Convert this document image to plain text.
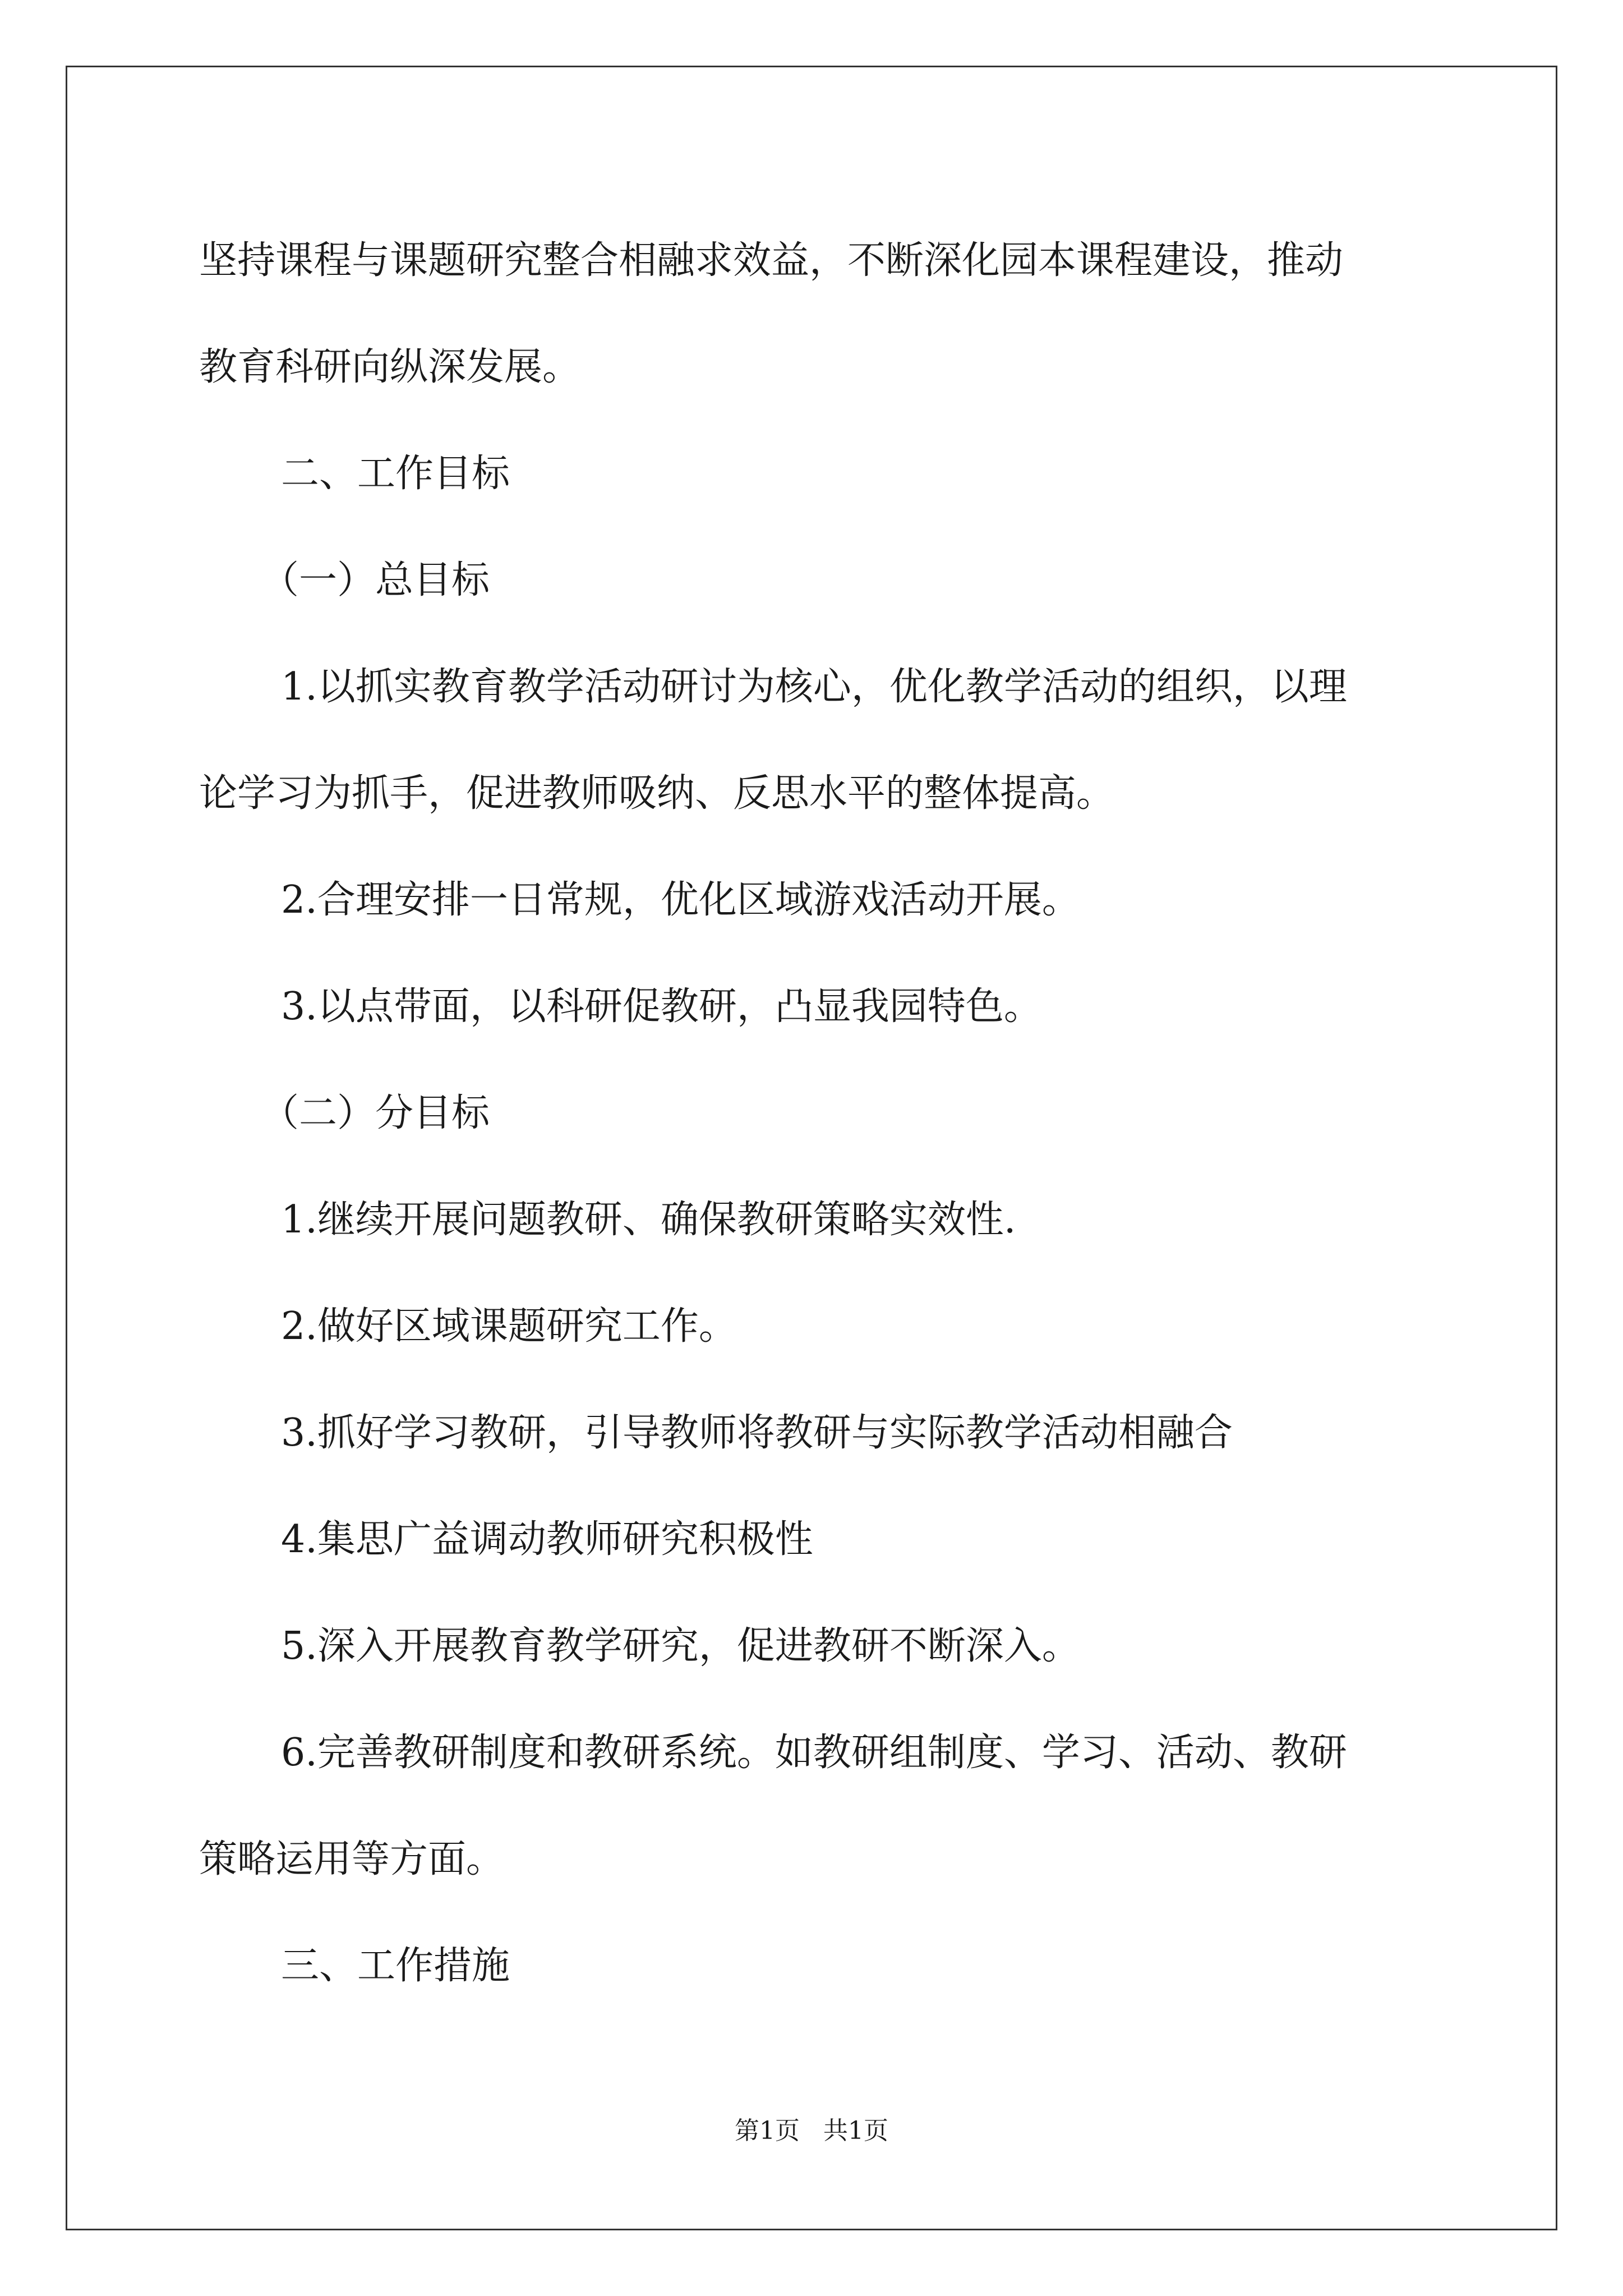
坚持课程与课题研究整合相融求效益，不断深化园本课程建设，推动

教育科研向纵深发展。

二、工作目标

（一）总目标

1.以抓实教育教学活动研讨为核心，优化教学活动的组织，以理

论学习为抓手，促进教师吸纳、反思水平的整体提高。

2.合理安排一日常规，优化区域游戏活动开展。

3.以点带面，以科研促教研，凸显我园特色。

（二）分目标

1.继续开展问题教研、确保教研策略实效性.

2.做好区域课题研究工作。

3.抓好学习教研，引导教师将教研与实际教学活动相融合

4.集思广益调动教师研究积极性

5.深入开展教育教学研究，促进教研不断深入。

6.完善教研制度和教研系统。如教研组制度、学习、活动、教研

策略运用等方面。

三、工作措施

第1页   共1页
